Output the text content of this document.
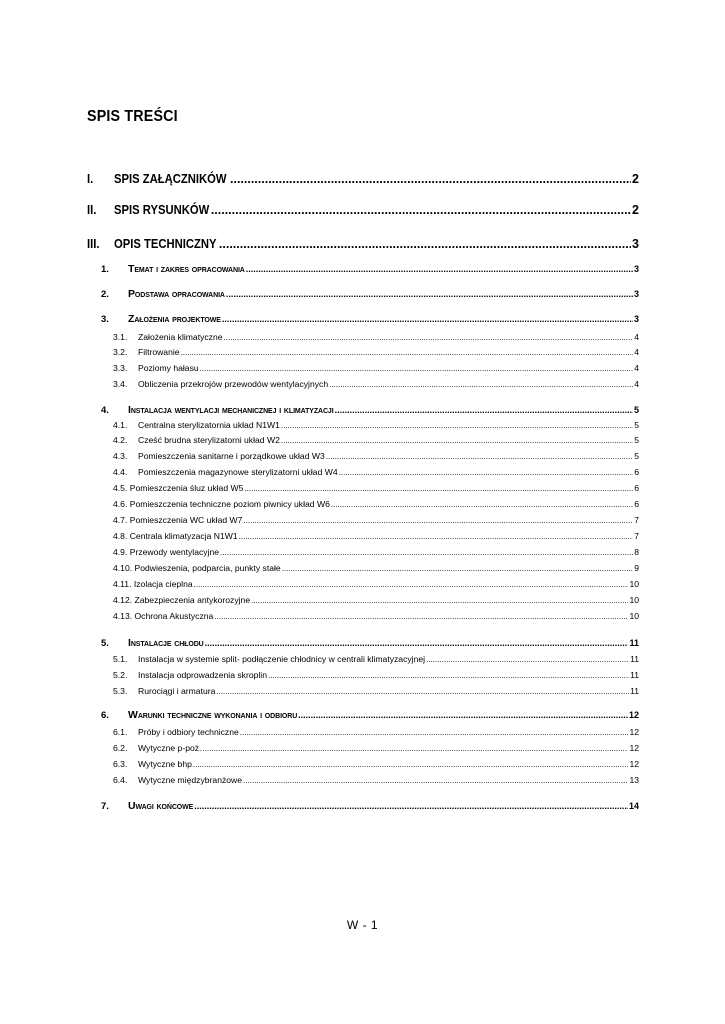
SPIS TREŚCI
I.	SPIS ZAŁĄCZNIKÓW .....	2
II.	SPIS RYSUNKÓW .....	2
III.	OPIS TECHNICZNY .....	3
1.	Temat i zakres opracowania .....	3
2.	Podstawa opracowania .....	3
3.	Założenia projektowe .....	3
3.1.	Założenia klimatyczne .....	4
3.2.	Filtrowanie .....	4
3.3.	Poziomy hałasu .....	4
3.4.	Obliczenia przekrojów przewodów wentylacyjnych .....	4
4.	Instalacja wentylacji mechanicznej i klimatyzacji .....	5
4.1.	Centralna sterylizatornia układ N1W1 .....	5
4.2.	Cześć brudna sterylizatorni układ W2 .....	5
4.3.	Pomieszczenia sanitarne i porządkowe układ W3 .....	5
4.4.	Pomieszczenia magazynowe sterylizatorni układ W4 .....	6
4.5. Pomieszczenia śluz układ W5 .....	6
4.6. Pomieszczenia techniczne poziom piwnicy układ W6 .....	6
4.7. Pomieszczenia WC układ W7 .....	7
4.8. Centrala klimatyzacja N1W1 .....	7
4.9. Przewody wentylacyjne .....	8
4.10. Podwieszenia, podparcia, punkty stałe .....	9
4.11. Izolacja cieplna .....	10
4.12. Zabezpieczenia antykorozyjne .....	10
4.13. Ochrona Akustyczna .....	10
5.	Instalacje chłodu .....	11
5.1.	Instalacja w systemie split- podłączenie chłodnicy w centrali klimatyzacyjnej .....	11
5.2.	Instalacja odprowadzenia skroplin .....	11
5.3.	Rurociągi i armatura .....	11
6.	Warunki techniczne wykonania i odbioru .....	12
6.1.	Próby i odbiory techniczne .....	12
6.2.	Wytyczne p-poż. .....	12
6.3.	Wytyczne bhp .....	12
6.4.	Wytyczne międzybranżowe .....	13
7.	Uwagi końcowe .....	14
W - 1
